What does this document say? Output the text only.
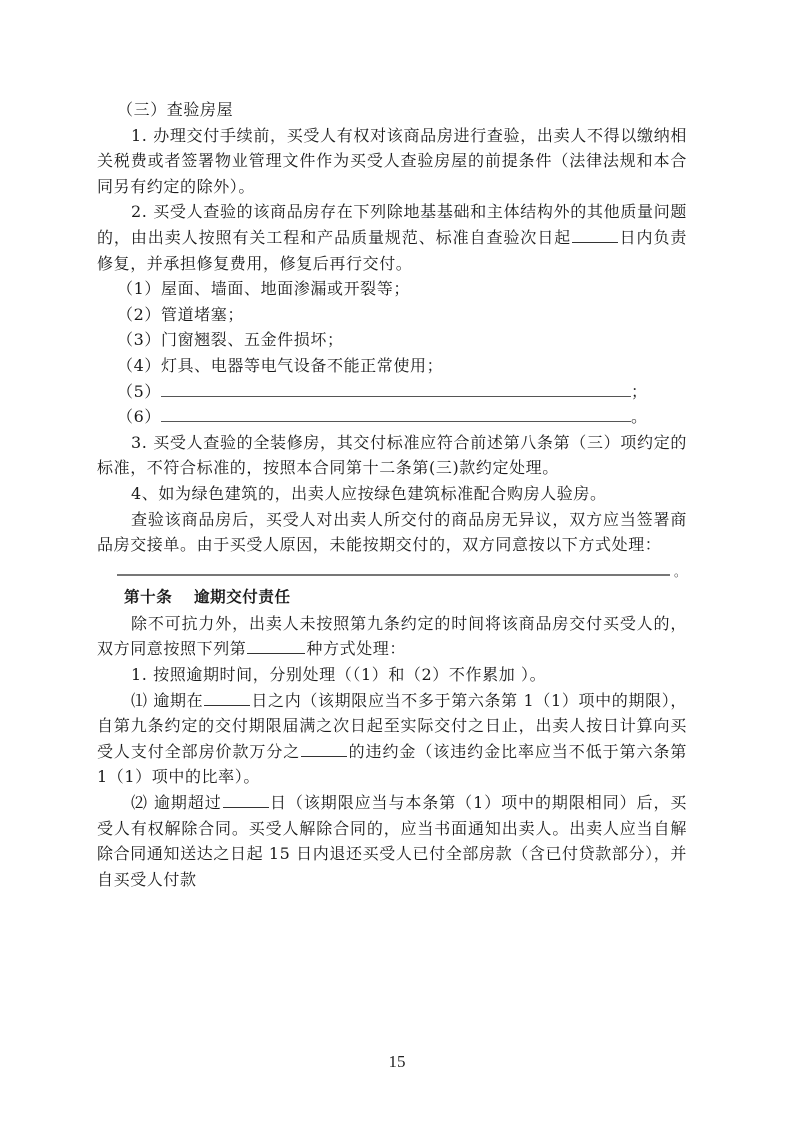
（三）查验房屋

1. 办理交付手续前，买受人有权对该商品房进行查验，出卖人不得以缴纳相关税费或者签署物业管理文件作为买受人查验房屋的前提条件（法律法规和本合同另有约定的除外）。

2. 买受人查验的该商品房存在下列除地基基础和主体结构外的其他质量问题的，由出卖人按照有关工程和产品质量规范、标准自查验次日起	日内负责修复，并承担修复费用，修复后再行交付。

（1）屋面、墙面、地面渗漏或开裂等；

（2）管道堵塞；

（3）门窗翘裂、五金件损坏；

（4）灯具、电器等电气设备不能正常使用；

（5）	；

（6）	。

3. 买受人查验的全装修房，其交付标准应符合前述第八条第（三）项约定的标准，不符合标准的，按照本合同第十二条第(三)款约定处理。

4、如为绿色建筑的，出卖人应按绿色建筑标准配合购房人验房。

查验该商品房后，买受人对出卖人所交付的商品房无异议，双方应当签署商品房交接单。由于买受人原因，未能按期交付的，双方同意按以下方式处理：

。

第十条 逾期交付责任

除不可抗力外，出卖人未按照第九条约定的时间将该商品房交付买受人的，双方同意按照下列第	种方式处理：

1. 按照逾期时间，分别处理（（1）和（2）不作累加 ）。

⑴ 逾期在	日之内（该期限应当不多于第六条第 1（1）项中的期限），自第九条约定的交付期限届满之次日起至实际交付之日止，出卖人按日计算向买受人支付全部房价款万分之	的违约金（该违约金比率应当不低于第六条第 1（1）项中的比率）。

⑵ 逾期超过	日（该期限应当与本条第（1）项中的期限相同）后，买受人有权解除合同。买受人解除合同的，应当书面通知出卖人。出卖人应当自解除合同通知送达之日起 15 日内退还买受人已付全部房款（含已付贷款部分），并自买受人付款

15
